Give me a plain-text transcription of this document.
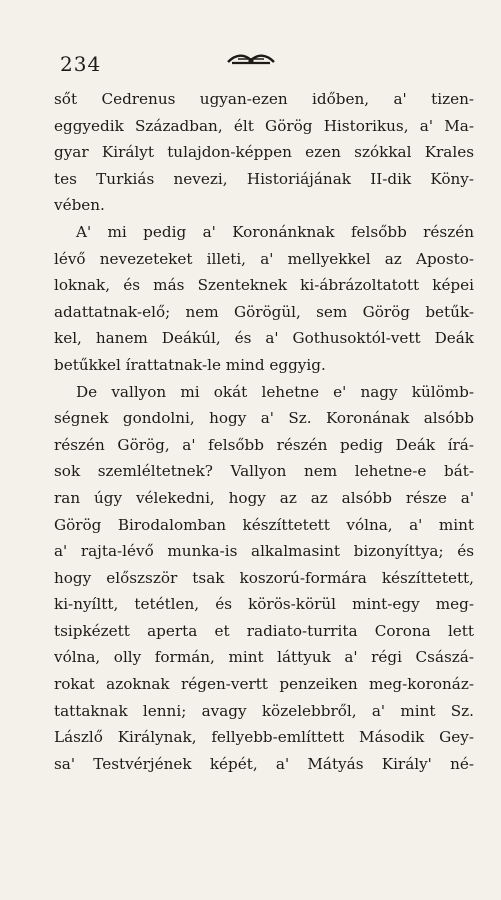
234
sőt Cedrenus ugyan-ezen időben, a' tizen-
eggyedik Században, élt Görög Historikus, a' Ma-
gyar Királyt tulajdon-képpen ezen szókkal Krales
tes Turkiás nevezi, Historiájának II-dik Köny-
vében.
A' mi pedig a' Koronánknak felsőbb részén
lévő nevezeteket illeti, a' mellyekkel az Aposto-
loknak, és más Szenteknek ki-ábrázoltatott képei
adattatnak-elő; nem Görögül, sem Görög betűk-
kel, hanem Deákúl, és a' Gothusoktól-vett Deák
betűkkel írattatnak-le mind eggyig.
De vallyon mi okát lehetne e' nagy külömb-
ségnek gondolni, hogy a' Sz. Koronának alsóbb
részén Görög, a' felsőbb részén pedig Deák írá-
sok szemléltetnek? Vallyon nem lehetne-e bát-
ran úgy vélekedni, hogy az az alsóbb része a'
Görög Birodalomban készíttetett vólna, a' mint
a' rajta-lévő munka-is alkalmasint bizonyíttya; és
hogy előszször tsak koszorú-formára készíttetett,
ki-nyíltt, tetétlen, és körös-körül mint-egy meg-
tsipkézett aperta et radiato-turrita Corona lett
vólna, olly formán, mint láttyuk a' régi Császá-
rokat azoknak régen-vertt penzeiken meg-koronáz-
tattaknak lenni; avagy közelebbről, a' mint Sz.
Lászlő Királynak, fellyebb-említtett Második Gey-
sa' Testvérjének képét, a' Mátyás Király' né-
